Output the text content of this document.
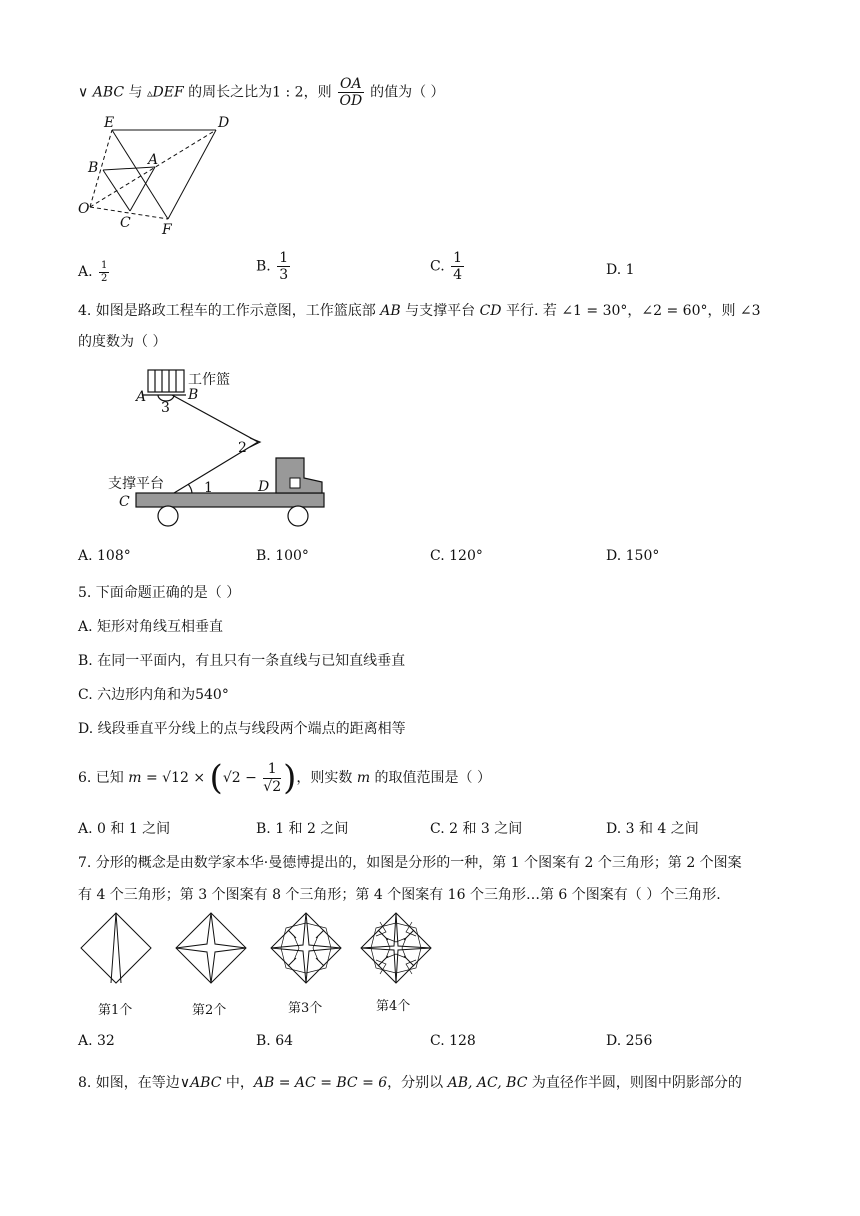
∨ ABC 与 ▵DEF 的周长之比为1 : 2，则 $\frac{OA}{OD}$ 的值为（ ）
E	D
B	A
O
C F
A. $\frac{1}{2}$	B. $\frac{1}{3}$	C. $\frac{1}{4}$	D. 1
4. 如图是路政工程车的工作示意图，工作篮底部 AB 与支撑平台 CD 平行. 若 ∠1 = 30°，∠2 = 60°，则 ∠3
的度数为（ ）
工作篮
支撑平台	1
2
3
A	B
C
D
A. 108°	B. 100°	C. 120°	D. 150°
5. 下面命题正确的是（ ）
A. 矩形对角线互相垂直
B. 在同一平面内，有且只有一条直线与已知直线垂直
C. 六边形内角和为540°
D. 线段垂直平分线上的点与线段两个端点的距离相等
6. 已知 $m = √12 \times (√2 - \frac{1}{√2}$ )，则实数 m 的取值范围是（ ）
A. 0 和 1 之间	B. 1 和 2 之间	C. 2 和 3 之间	D. 3 和 4 之间
7. 分形的概念是由数学家本华·曼德博提出的，如图是分形的一种，第 1 个图案有 2 个三角形；第 2 个图案
有 4 个三角形；第 3 个图案有 8 个三角形；第 4 个图案有 16 个三角形…第 6 个图案有（ ）个三角形.
第1个	第2个	第3个	第4个
A. 32	B. 64	C. 128	D. 256
8. 如图，在等边∨ABC 中，AB = AC = BC = 6，分别以 AB, AC, BC 为直径作半圆，则图中阴影部分的
